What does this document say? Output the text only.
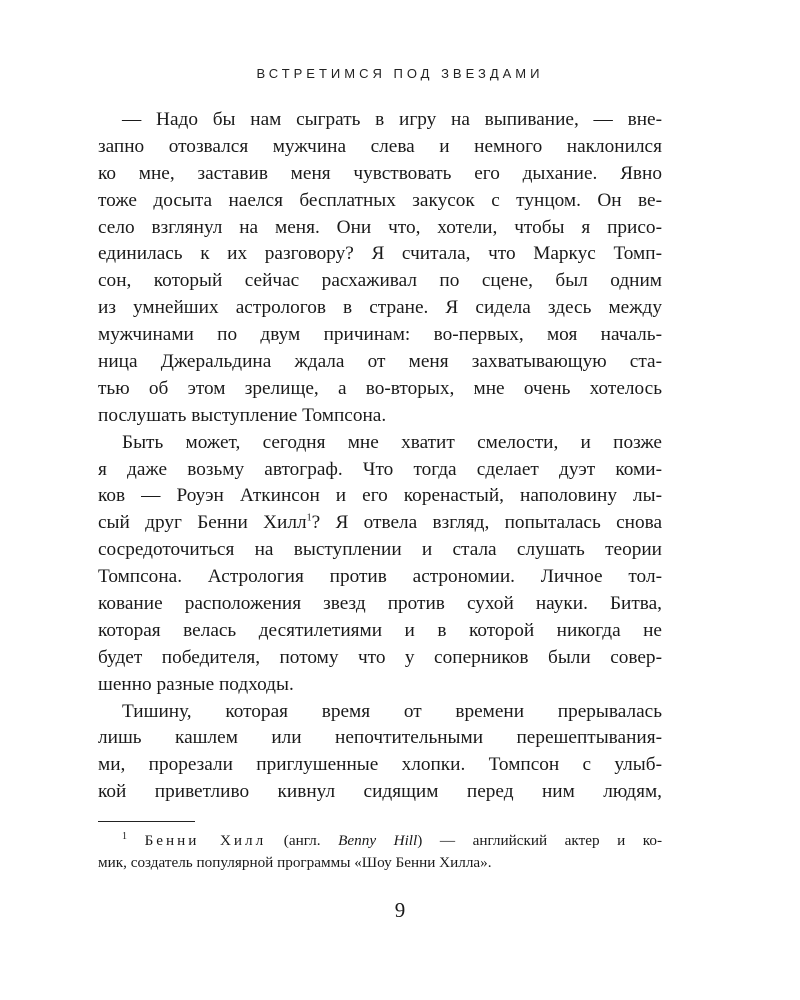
ВСТРЕТИМСЯ ПОД ЗВЕЗДАМИ
— Надо бы нам сыграть в игру на выпивание, — вне-
запно отозвался мужчина слева и немного наклонился
ко мне, заставив меня чувствовать его дыхание. Явно
тоже досыта наелся бесплатных закусок с тунцом. Он ве-
село взглянул на меня. Они что, хотели, чтобы я присо-
единилась к их разговору? Я считала, что Маркус Томп-
сон, который сейчас расхаживал по сцене, был одним
из умнейших астрологов в стране. Я сидела здесь между
мужчинами по двум причинам: во-первых, моя началь-
ница Джеральдина ждала от меня захватывающую ста-
тью об этом зрелище, а во-вторых, мне очень хотелось
послушать выступление Томпсона.
Быть может, сегодня мне хватит смелости, и позже
я даже возьму автограф. Что тогда сделает дуэт коми-
ков — Роуэн Аткинсон и его коренастый, наполовину лы-
сый друг Бенни Хилл$^1$? Я отвела взгляд, попыталась снова
сосредоточиться на выступлении и стала слушать теории
Томпсона. Астрология против астрономии. Личное тол-
кование расположения звезд против сухой науки. Битва,
которая велась десятилетиями и в которой никогда не
будет победителя, потому что у соперников были совер-
шенно разные подходы.
Тишину, которая время от времени прерывалась
лишь кашлем или непочтительными перешептывания-
ми, прорезали приглушенные хлопки. Томпсон с улыб-
кой приветливо кивнул сидящим перед ним людям,
$^1$ Бенни Хилл (англ. Benny Hill) — английский актер и ко-
мик, создатель популярной программы «Шоу Бенни Хилла».
9
